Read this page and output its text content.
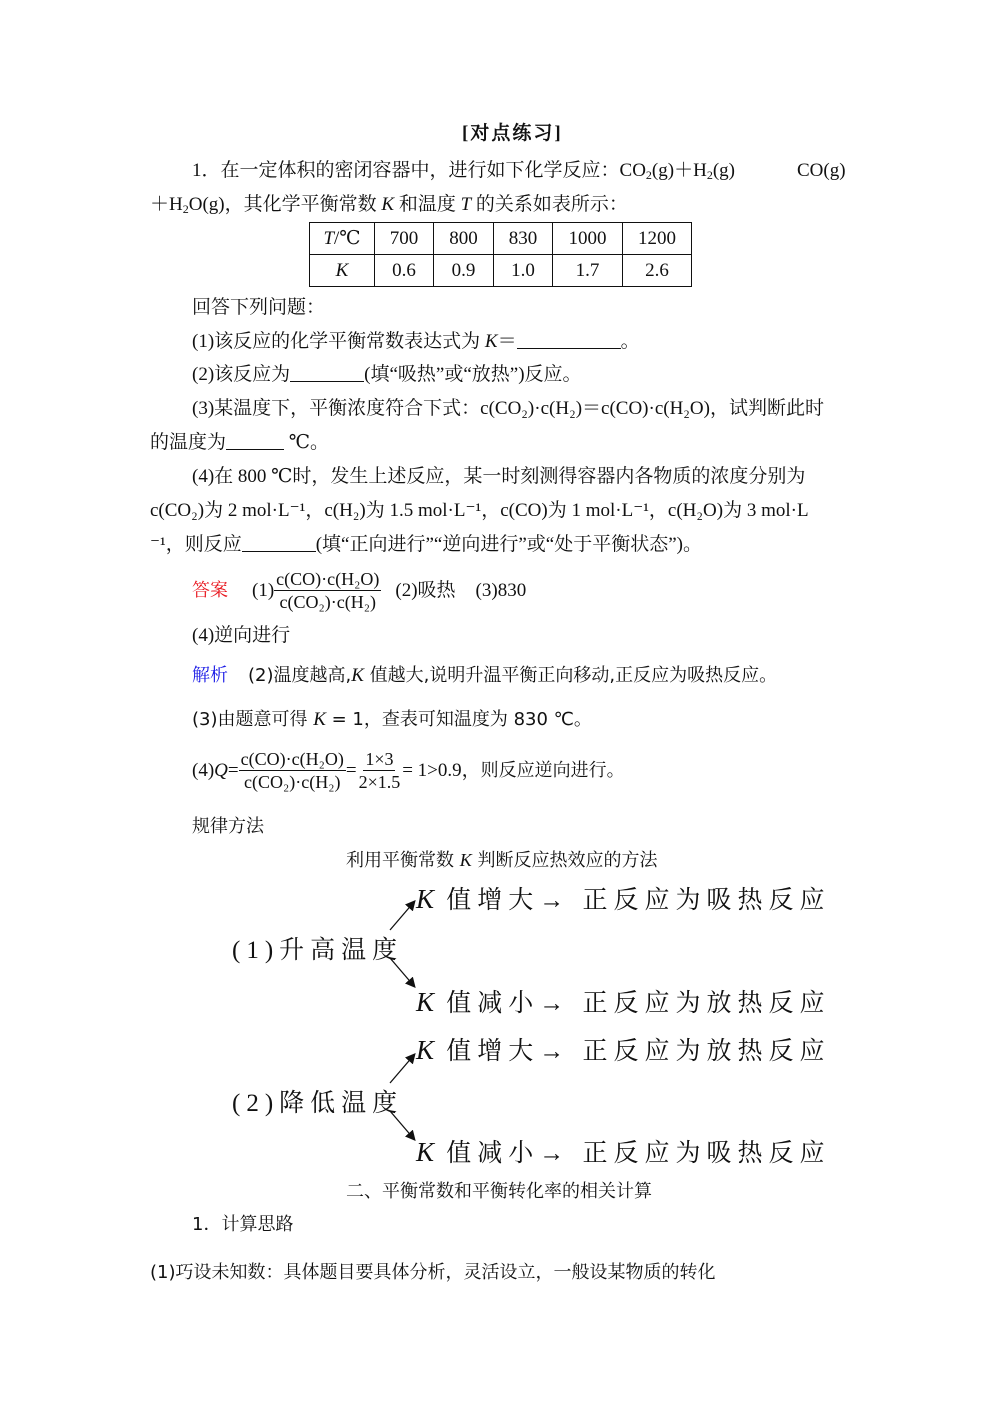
[对点练习]
1．在一定体积的密闭容器中，进行如下化学反应：$CO_2(g)+H_2(g)$	CO(g)
$+H_2O(g)$，其化学平衡常数 K 和温度 T 的关系如表所示：
T/℃	700	800	830	1000	1200
K	0.6	0.9	1.0	1.7	2.6
回答下列问题：
(1)该反应的化学平衡常数表达式为 K＝	。
(2)该反应为	(填“吸热”或“放热”)反应。
(3)某温度下，平衡浓度符合下式：c(CO₂)·c(H₂)＝c(CO)·c(H₂O)，试判断此时
的温度为	℃。
(4)在 800 ℃时，发生上述反应，某一时刻测得容器内各物质的浓度分别为
c(CO₂)为 2 mol·L⁻¹，c(H₂)为 1.5 mol·L⁻¹，c(CO)为 1 mol·L⁻¹，c(H₂O)为 3 mol·L
⁻¹，则反应	(填“正向进行”“逆向进行”或“处于平衡状态”)。
答案 $(1) \frac{\text{c(CO)·c(H₂O)}}{\text{c(CO₂)·c(H₂)}} (2)$吸热 (3)830
(4)逆向进行
解析 (2)温度越高,K 值越大,说明升温平衡正向移动,正反应为吸热反应。
(3)由题意可得 K = 1，查表可知温度为 830 ℃。
(4) $Q = \frac{\text{c(CO)·c(H₂O)}}{\text{c(CO₂)·c(H₂)}} = \frac{1\times 3}{2\times 1.5} = 1>0.9$， 则反应逆向进行。
规律方法
利用平衡常数 K 判断反应热效应的方法
(1)升高温度
K 值增大→ 正反应为吸热反应
K 值减小→ 正反应为放热反应
(2)降低温度
K 值增大→ 正反应为放热反应
K 值减小→ 正反应为吸热反应
二、平衡常数和平衡转化率的相关计算
1．计算思路
(1)巧设未知数：具体题目要具体分析，灵活设立，一般设某物质的转化
